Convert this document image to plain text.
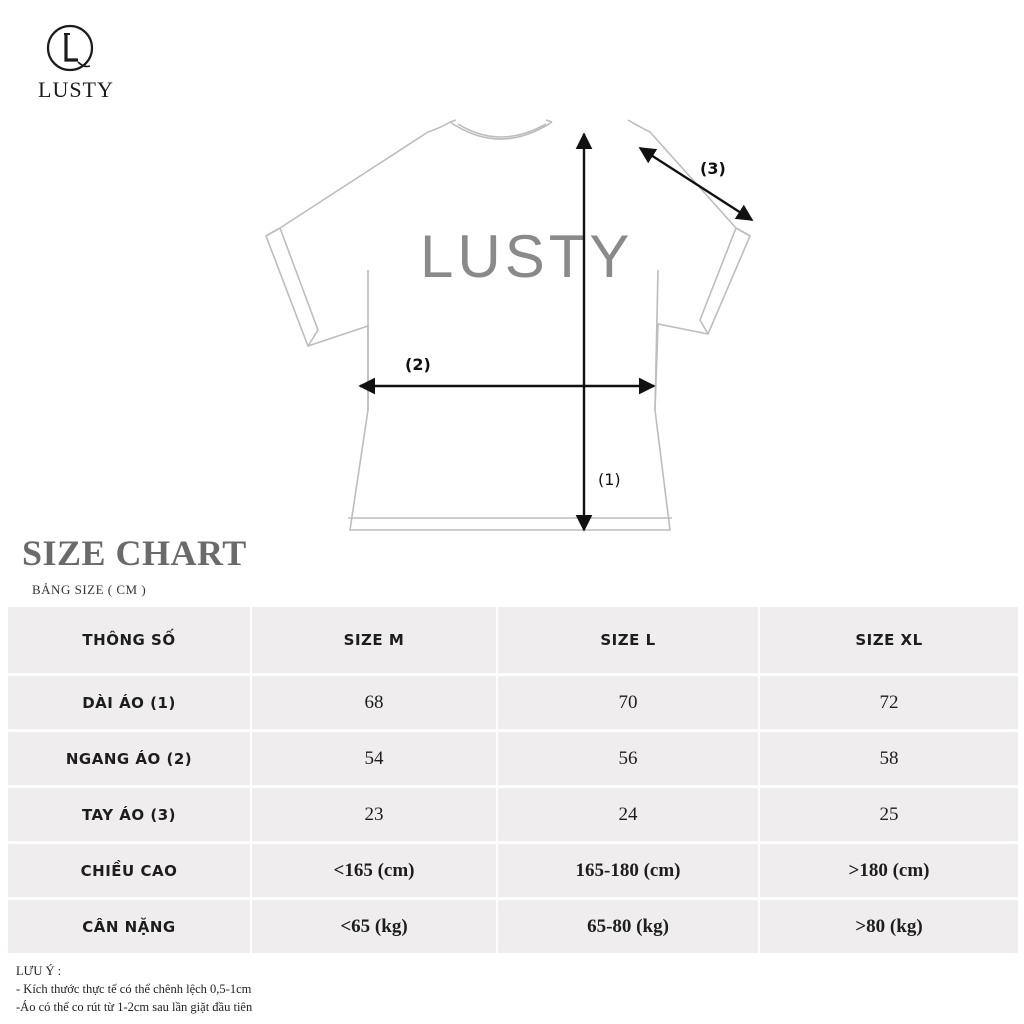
LUSTY
LUSTY
(1)
(2)
(3)
SIZE CHART
BẢNG SIZE ( CM )
THÔNG SỐ	SIZE M	SIZE L	SIZE XL
DÀI ÁO (1)	68	70	72
NGANG ÁO (2)	54	56	58
TAY ÁO (3)	23	24	25
CHIỀU CAO	<165 (cm)	165-180 (cm)	>180 (cm)
CÂN NẶNG	<65 (kg)	65-80 (kg)	>80 (kg)
LƯU Ý :
- Kích thước thực tế có thể chênh lệch 0,5-1cm
-Áo có thể co rút từ 1-2cm sau lần giặt đầu tiên
